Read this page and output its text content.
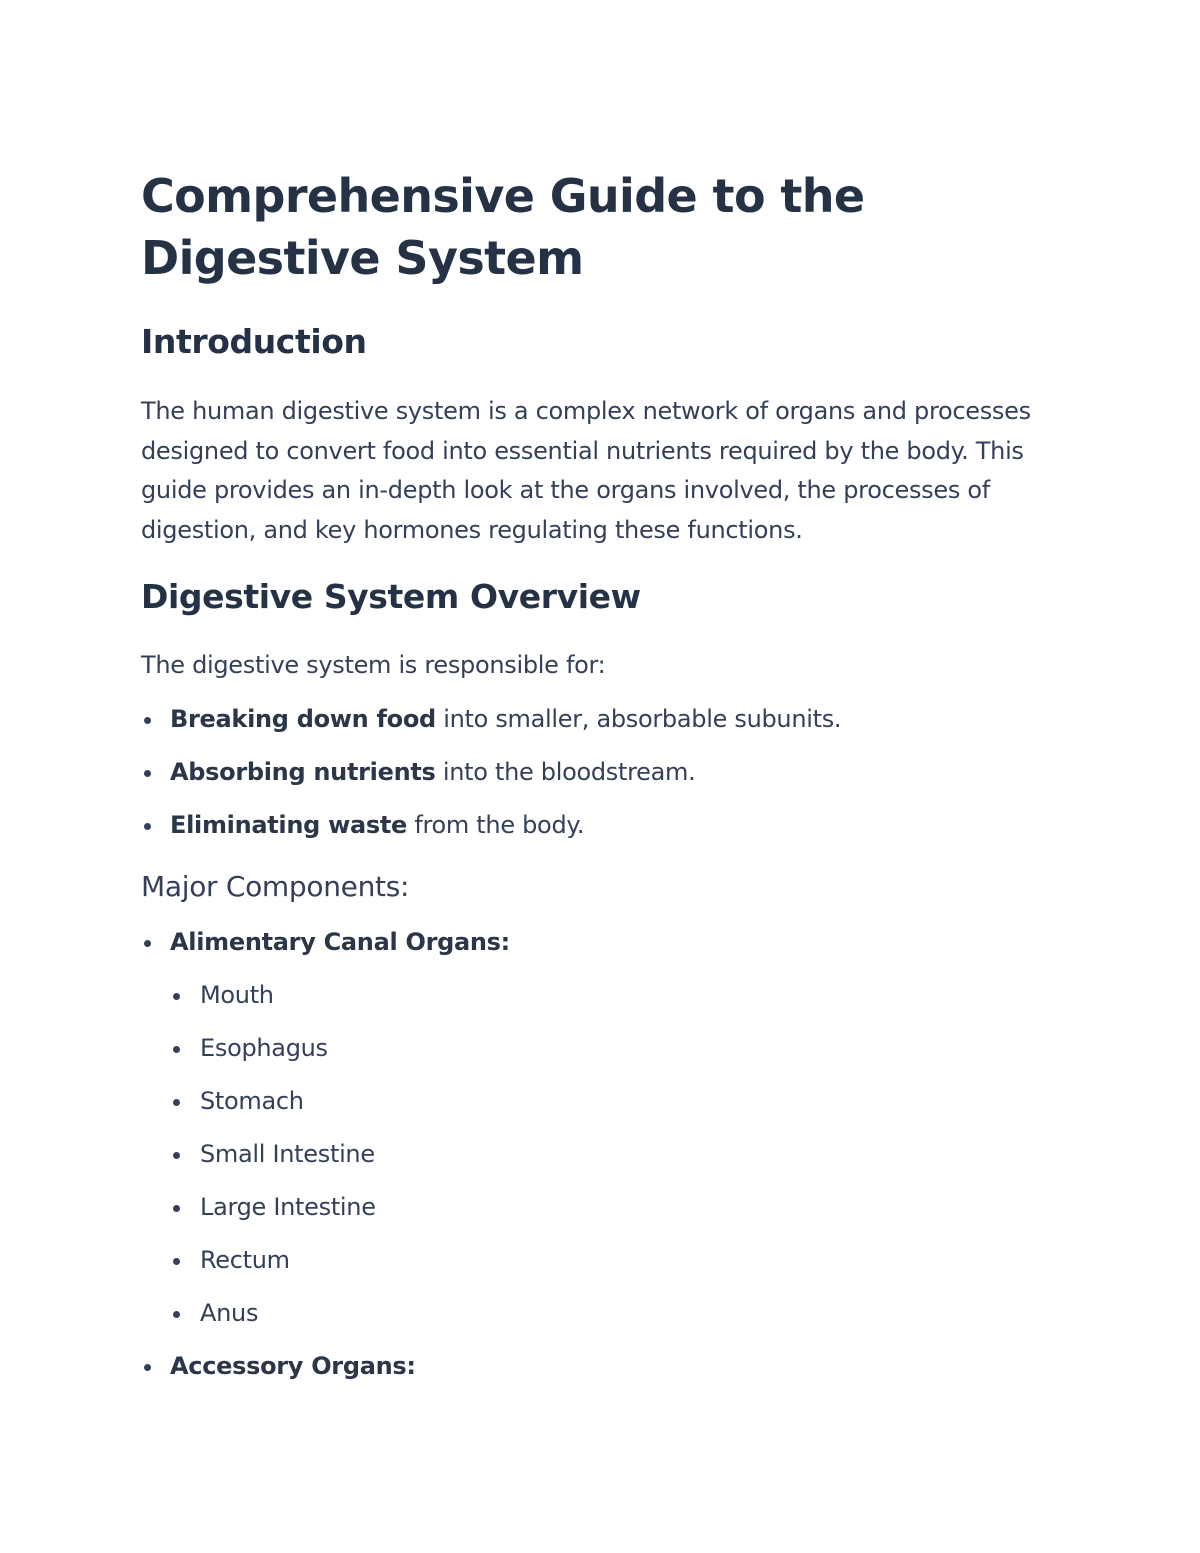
Comprehensive Guide to the Digestive System
Introduction

The human digestive system is a complex network of organs and processes designed to convert food into essential nutrients required by the body. This guide provides an in-depth look at the organs involved, the processes of digestion, and key hormones regulating these functions.

Digestive System Overview

The digestive system is responsible for:

Breaking down food into smaller, absorbable subunits.
Absorbing nutrients into the bloodstream.
Eliminating waste from the body.
Major Components:
Alimentary Canal Organs:
Mouth
Esophagus
Stomach
Small Intestine
Large Intestine
Rectum
Anus
Accessory Organs:
